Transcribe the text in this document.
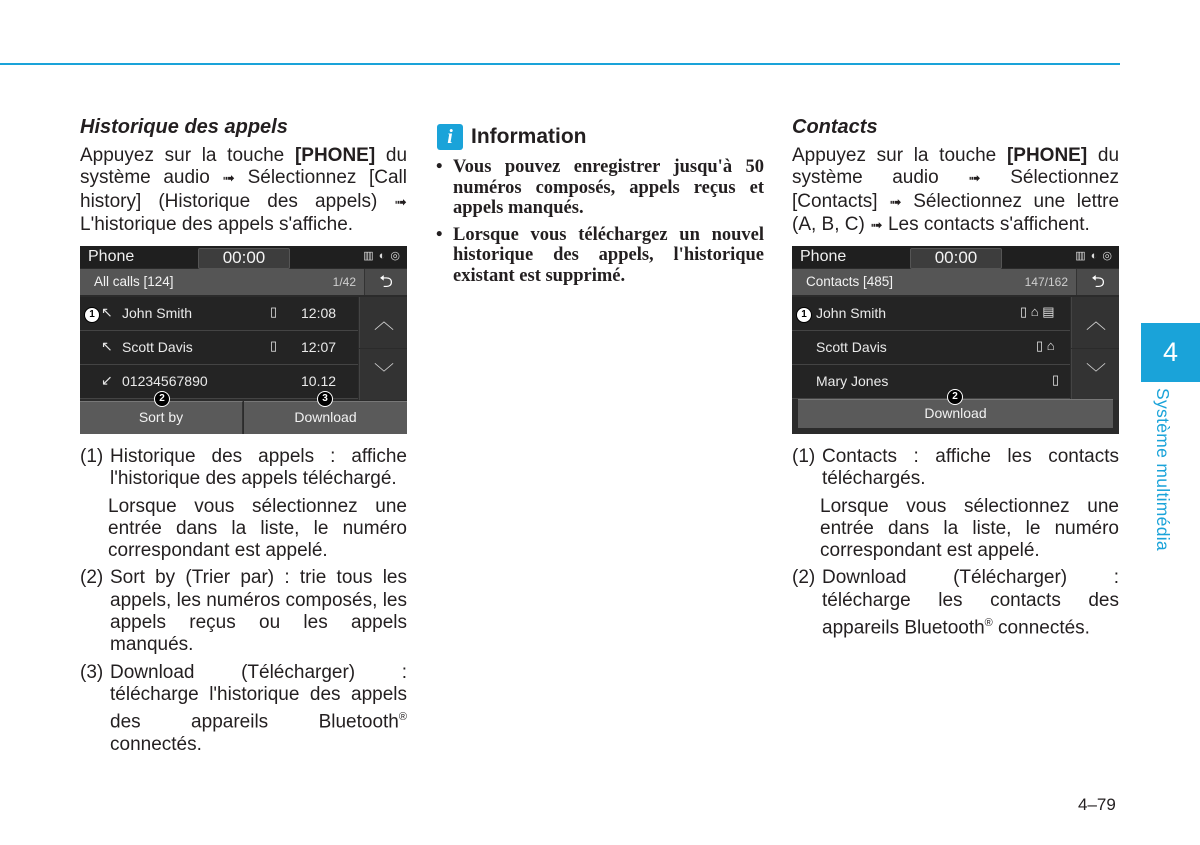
Historique des appels

Appuyez sur la touche [PHONE] du système audio ➟ Sélectionnez [Call history] (Historique des appels) ➟ L'historique des appels s'affiche.

Phone	00:00	▥ ◐ ◎
All calls [124]	1/42	⮌
↖ John Smith	▯ 12:08
↖ Scott Davis	▯ 12:07
↙ 01234567890	10.12
︿
﹀
Sort by	Download
1
2	3
(1) Historique des appels : affiche l'historique des appels téléchargé.
Lorsque vous sélectionnez une entrée dans la liste, le numéro correspondant est appelé.
(2) Sort by (Trier par) : trie tous les appels, les numéros composés, les appels reçus ou les appels manqués.
(3) Download (Télécharger) : télécharge l'historique des appels des appareils Bluetooth® connectés.
i Information
• Vous pouvez enregistrer jusqu'à 50 numéros composés, appels reçus et appels manqués.
• Lorsque vous téléchargez un nouvel historique des appels, l'historique existant est supprimé.
Contacts

Appuyez sur la touche [PHONE] du système audio ➟ Sélectionnez [Contacts] ➟ Sélectionnez une lettre (A, B, C) ➟ Les contacts s'affichent.

Phone	00:00	▥ ◐ ◎
Contacts [485]	147/162	⮌
John Smith	▯ ⌂ ▤
Scott Davis	▯ ⌂
Mary Jones	▯
︿
﹀
Download
1
2
(1) Contacts : affiche les contacts téléchargés.
Lorsque vous sélectionnez une entrée dans la liste, le numéro correspondant est appelé.
(2) Download (Télécharger) : télécharge les contacts des appareils Bluetooth® connectés.
4
Système multimédia
4–79
